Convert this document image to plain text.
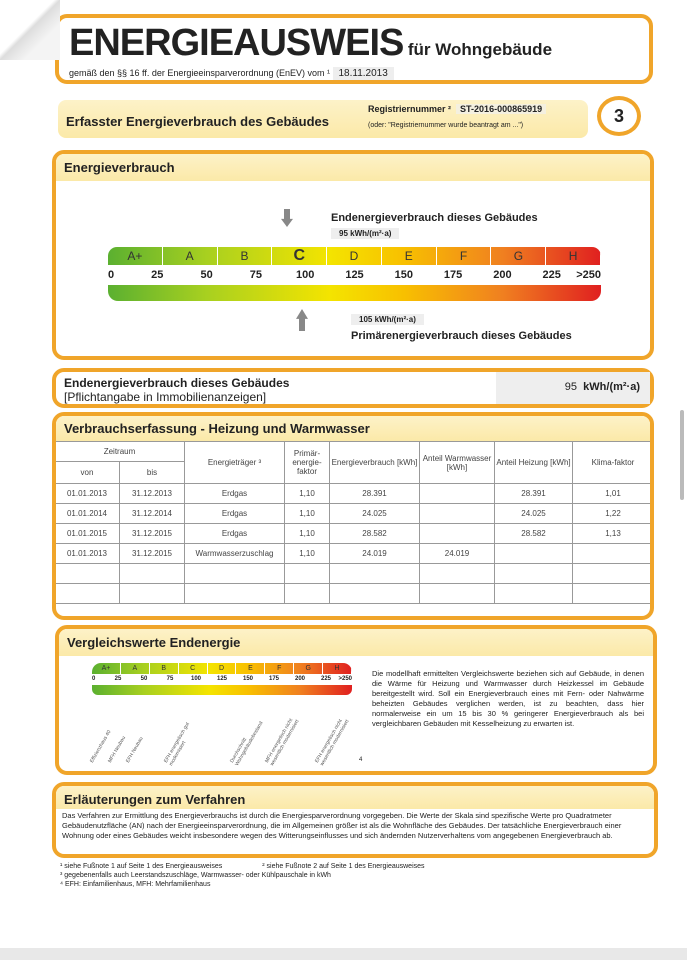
ENERGIEAUSWEIS für Wohngebäude
gemäß den §§ 16 ff. der Energieeinsparverordnung (EnEV) vom ¹ 18.11.2013
Erfasster Energieverbrauch des Gebäudes
Registriernummer ² ST-2016-000865919
(oder: "Registriernummer wurde beantragt am ...")	3
Energieverbrauch
Endenergieverbrauch dieses Gebäudes
95 kWh/(m²·a)
A+	A	B	C	D	E	F	G	H
0	25	50	75	100	125	150	175	200	225 >250
105 kWh/(m²·a)
Primärenergieverbrauch dieses Gebäudes
Endenergieverbrauch dieses Gebäudes
[Pflichtangabe in Immobilienanzeigen]
95 kWh/(m²·a)
Verbrauchserfassung - Heizung und Warmwasser
Zeitraum		Energieträger ³	Primär-energie-faktor	Energieverbrauch [kWh]	Anteil Warmwasser [kWh]	Anteil Heizung [kWh]	Klima-faktor
von	bis						
01.01.2013	31.12.2013	Erdgas	1,10	28.391		28.391	1,01
01.01.2014	31.12.2014	Erdgas	1,10	24.025		24.025	1,22
01.01.2015	31.12.2015	Erdgas	1,10	28.582		28.582	1,13
01.01.2013	31.12.2015	Warmwasserzuschlag	1,10	24.019	24.019		

Vergleichswerte Endenergie
A+	A	B	C	D	E	F	G	H
0	25	50	75	100	125	150	175	200	225 >250
Effizienzhaus 40
MFH Neubau
EFH Neubau	EFH energetisch gut modernisiert	Durchschnitt Wohngebäudebestand MFH energetisch nicht wesentlich modernisiert	EFH energetisch nicht wesentlich modernisiert 4
Die modellhaft ermittelten Vergleichswerte beziehen sich auf Gebäude, in denen die Wärme für Heizung und Warmwasser durch Heizkessel im Gebäude bereitgestellt wird. Soll ein Energieverbrauch eines mit Fern- oder Nahwärme beheizten Gebäudes verglichen werden, ist zu beachten, dass hier normalerweise ein um 15 bis 30 % geringerer Energieverbrauch als bei vergleichbaren Gebäuden mit Kesselheizung zu erwarten ist.
Erläuterungen zum Verfahren
Das Verfahren zur Ermittlung des Energieverbrauchs ist durch die Energiesparverordnung vorgegeben. Die Werte der Skala sind spezifische Werte pro Quadratmeter Gebäudenutzfläche (AN) nach der Energieeinsparverordnung, die im Allgemeinen größer ist als die Wohnfläche des Gebäudes. Der tatsächliche Energieverbrauch einer Wohnung oder eines Gebäudes weicht insbesondere wegen des Witterungseinflusses und sich ändernden Nutzerverhaltens vom angegebenen Energieverbrauch ab.
¹ siehe Fußnote 1 auf Seite 1 des Energieausweises	² siehe Fußnote 2 auf Seite 1 des Energieausweises
³ gegebenenfalls auch Leerstandszuschläge, Warmwasser- oder Kühlpauschale in kWh
⁴ EFH: Einfamilienhaus, MFH: Mehrfamilienhaus
